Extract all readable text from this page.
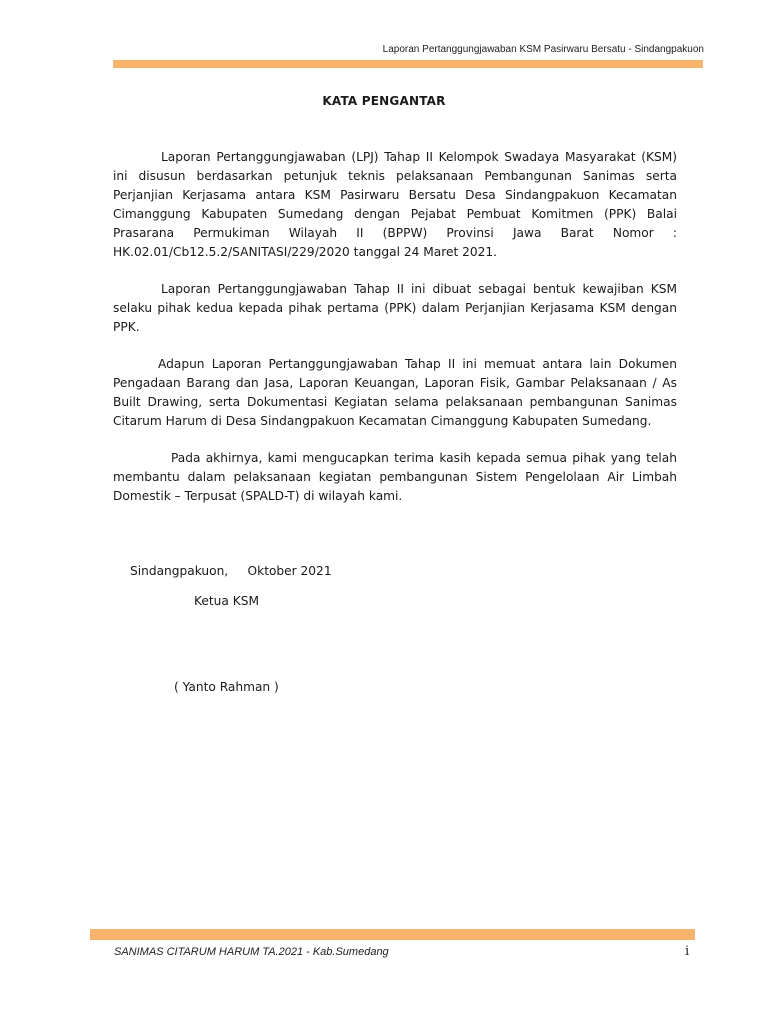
Laporan Pertanggungjawaban KSM Pasirwaru Bersatu - Sindangpakuon
KATA PENGANTAR

Laporan Pertanggungjawaban (LPJ) Tahap II Kelompok Swadaya Masyarakat (KSM) ini disusun berdasarkan petunjuk teknis pelaksanaan Pembangunan Sanimas serta Perjanjian Kerjasama antara KSM Pasirwaru Bersatu Desa Sindangpakuon Kecamatan Cimanggung Kabupaten Sumedang dengan Pejabat Pembuat Komitmen (PPK) Balai Prasarana Permukiman Wilayah II (BPPW) Provinsi Jawa Barat Nomor : HK.02.01/Cb12.5.2/SANITASI/229/2020 tanggal 24 Maret 2021.

Laporan Pertanggungjawaban Tahap II ini dibuat sebagai bentuk kewajiban KSM selaku pihak kedua kepada pihak pertama (PPK) dalam Perjanjian Kerjasama KSM dengan PPK.

Adapun Laporan Pertanggungjawaban Tahap II ini memuat antara lain Dokumen Pengadaan Barang dan Jasa, Laporan Keuangan, Laporan Fisik, Gambar Pelaksanaan / As Built Drawing, serta Dokumentasi Kegiatan selama pelaksanaan pembangunan Sanimas Citarum Harum di Desa Sindangpakuon Kecamatan Cimanggung Kabupaten Sumedang.

Pada akhirnya, kami mengucapkan terima kasih kepada semua pihak yang telah membantu dalam pelaksanaan kegiatan pembangunan Sistem Pengelolaan Air Limbah Domestik – Terpusat (SPALD-T) di wilayah kami.

Sindangpakuon,     Oktober 2021
Ketua KSM
( Yanto Rahman )
SANIMAS CITARUM HARUM TA.2021 - Kab.Sumedang	i
